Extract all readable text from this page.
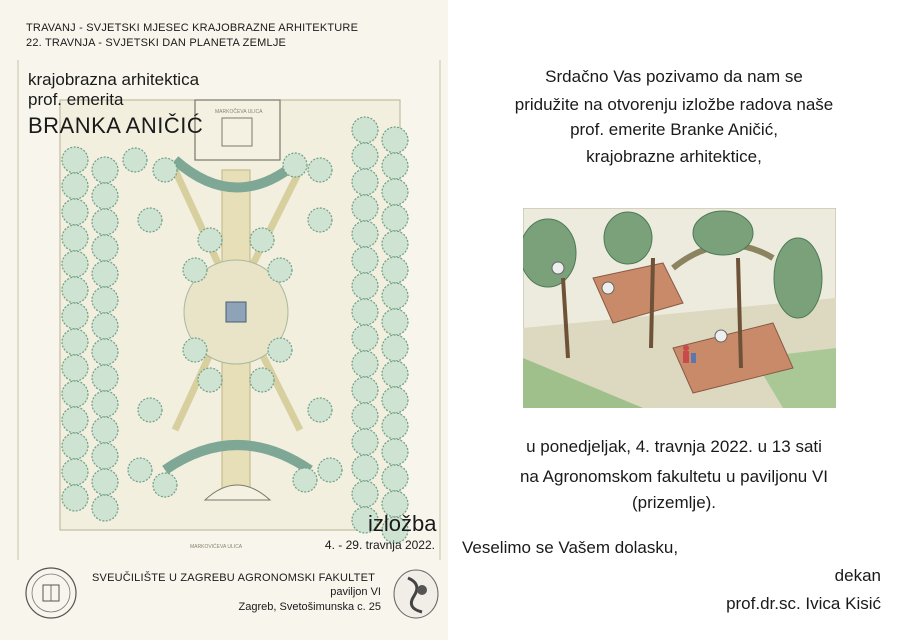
MARKOČEVA ULICA
MARKOVIĆEVA ULICA
TRAVANJ - SVJETSKI MJESEC KRAJOBRAZNE ARHITEKTURE
22. TRAVNJA - SVJETSKI DAN PLANETA ZEMLJE
krajobrazna arhitektica
prof. emerita
BRANKA ANIČIĆ
izložba
4. - 29. travnja 2022.
SVEUČILIŠTE U ZAGREBU AGRONOMSKI FAKULTET
paviljon VI
Zagreb, Svetošimunska c. 25
Srdačno Vas pozivamo da nam se
pridužite na otvorenju izložbe radova naše
prof. emerite Branke Aničić,
krajobrazne arhitektice,
u ponedjeljak, 4. travnja 2022. u 13 sati
na Agronomskom fakultetu u paviljonu VI
(prizemlje).
Veselimo se Vašem dolasku,
dekan
prof.dr.sc. Ivica Kisić
